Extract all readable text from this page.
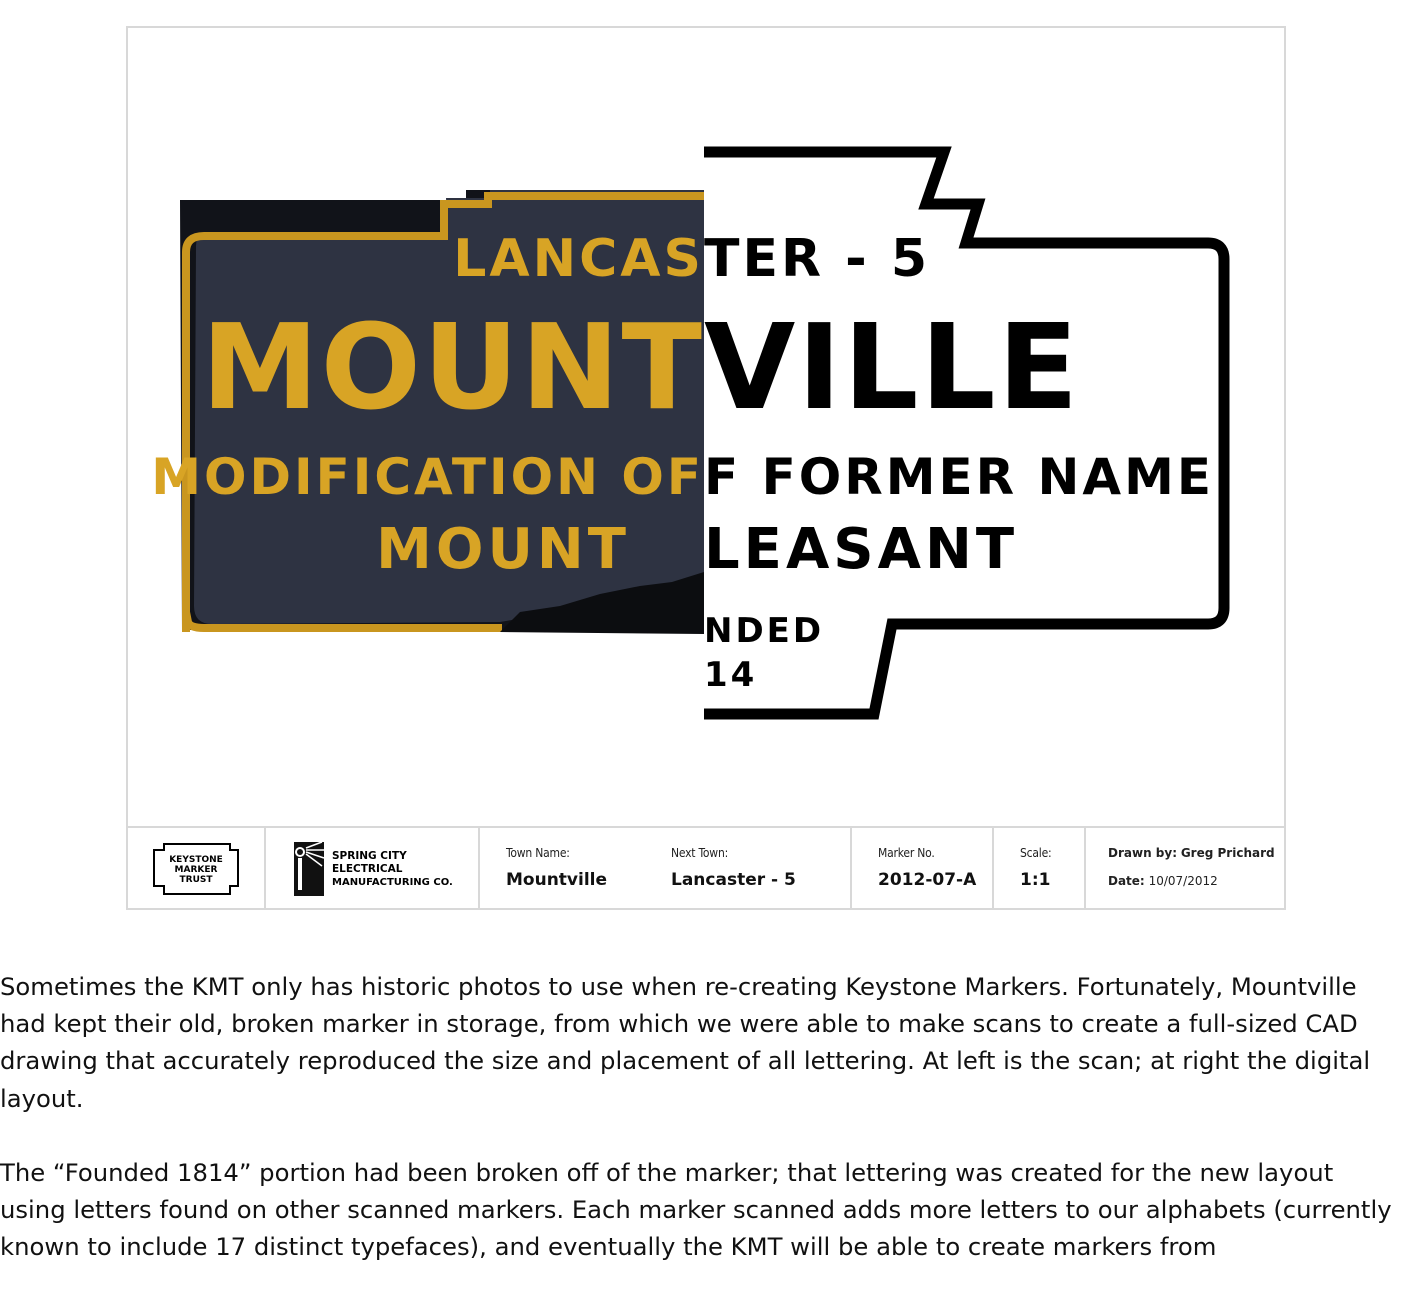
LANCAS
MOUNT
MODIFICATION OF
MOUNT
TER - 5
VILLE
F FORMER NAME
LEASANT
NDED
14
KEYSTONE
MARKER
TRUST
SPRING CITY
ELECTRICAL
MANUFACTURING CO.
Town Name:
Mountville
Next Town:
Lancaster - 5
Marker No.
2012-07-A
Scale:
1:1
Drawn by: Greg Prichard
Date: 10/07/2012

Sometimes the KMT only has historic photos to use when re-creating Keystone Markers. Fortunately, Mountville had kept their old, broken marker in storage, from which we were able to make scans to create a full-sized CAD drawing that accurately reproduced the size and placement of all lettering. At left is the scan; at right the digital layout.

The “Founded 1814” portion had been broken off of the marker; that lettering was created for the new layout using letters found on other scanned markers. Each marker scanned adds more letters to our alphabets (currently known to include 17 distinct typefaces), and eventually the KMT will be able to create markers from
